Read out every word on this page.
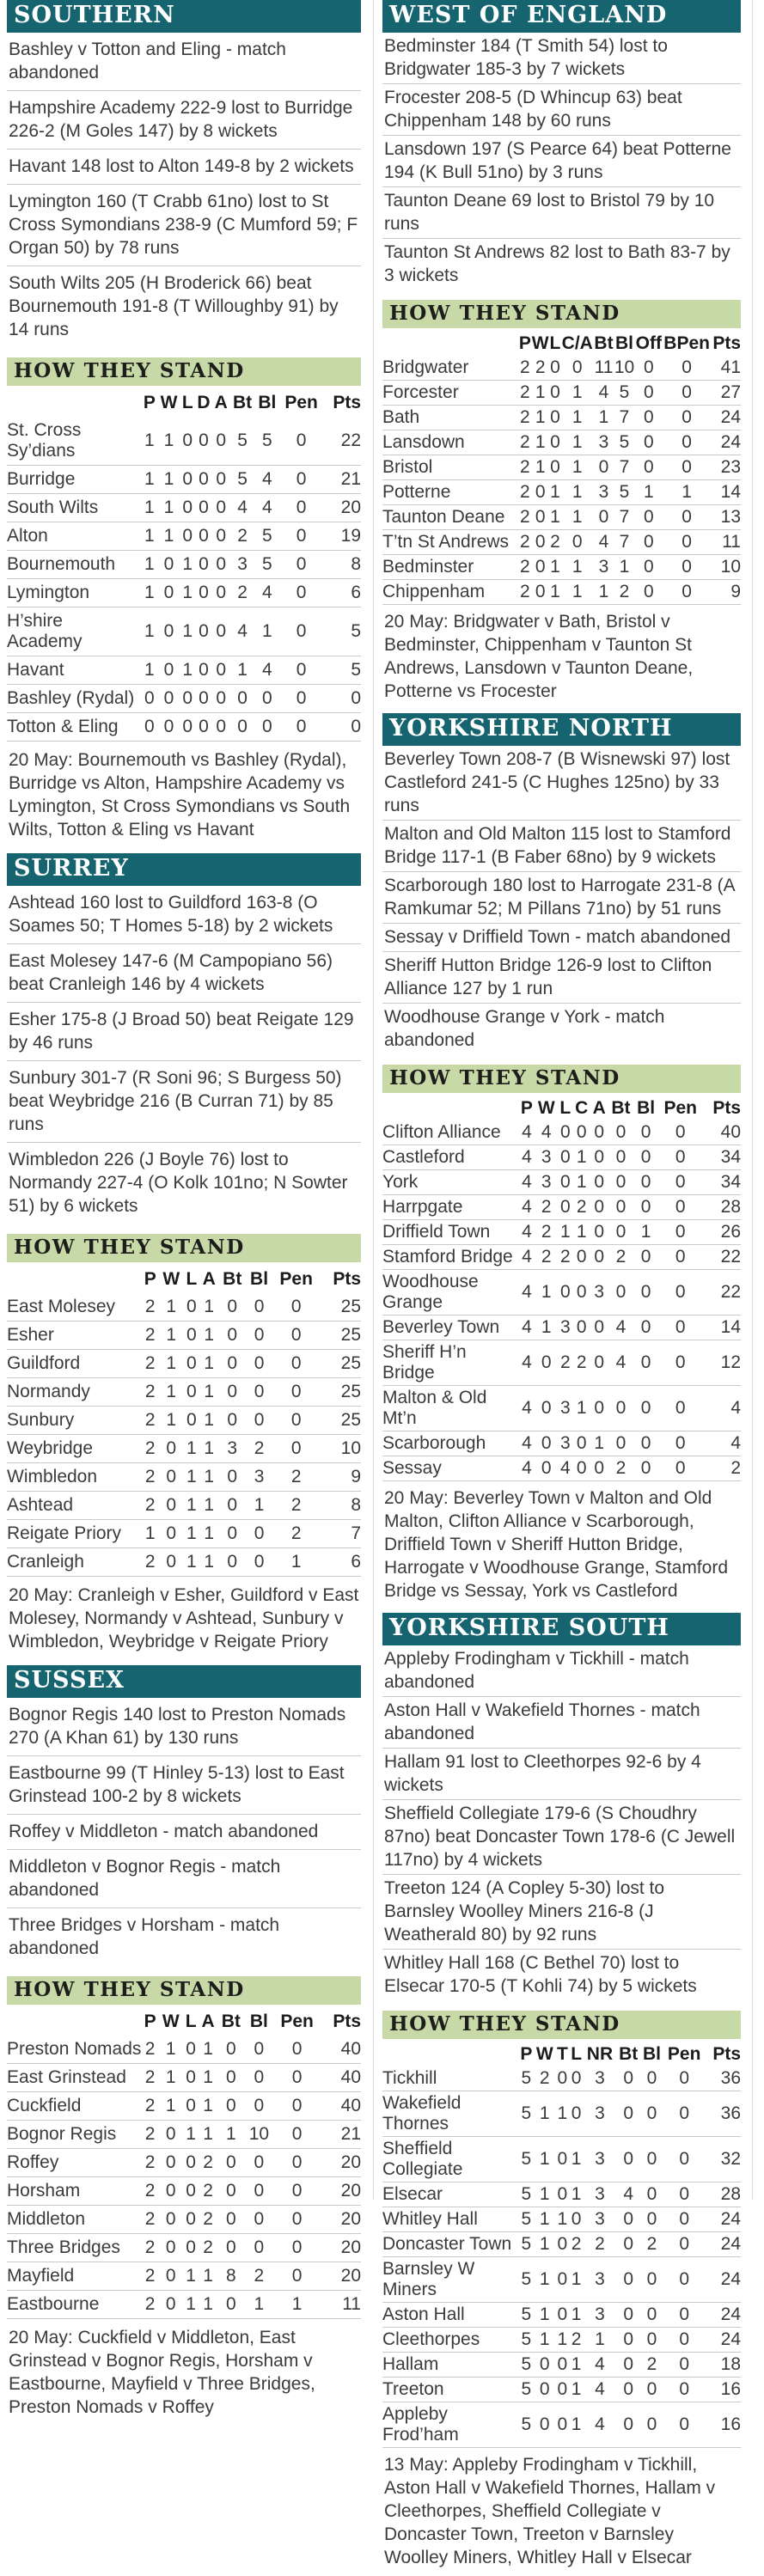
SOUTHERN
Bashley v Totton and Eling - match abandoned
Hampshire Academy 222-9 lost to Burridge 226-2 (M Goles 147) by 8 wickets
Havant 148 lost to Alton 149-8 by 2 wickets
Lymington 160 (T Crabb 61no) lost to St Cross Symondians 238-9 (C Mumford 59; F Organ 50) by 78 runs
South Wilts 205 (H Broderick 66) beat Bournemouth 191-8 (T Willoughby 91) by 14 runs
HOW THEY STAND
	P	W	L	D	A	Bt	Bl	Pen	Pts
St. Cross Sy’dians	1	1	0	0	0	5	5	0	22
Burridge	1	1	0	0	0	5	4	0	21
South Wilts	1	1	0	0	0	4	4	0	20
Alton	1	1	0	0	0	2	5	0	19
Bournemouth	1	0	1	0	0	3	5	0	8
Lymington	1	0	1	0	0	2	4	0	6
H’shire Academy	1	0	1	0	0	4	1	0	5
Havant	1	0	1	0	0	1	4	0	5
Bashley (Rydal)	0	0	0	0	0	0	0	0	0
Totton & Eling	0	0	0	0	0	0	0	0	0
20 May: Bournemouth vs Bashley (Rydal), Burridge vs Alton, Hampshire Academy vs Lymington, St Cross Symondians vs South Wilts, Totton & Eling vs Havant
SURREY
Ashtead 160 lost to Guildford 163-8 (O Soames 50; T Homes 5-18) by 2 wickets
East Molesey 147-6 (M Campopiano 56) beat Cranleigh 146 by 4 wickets
Esher 175-8 (J Broad 50) beat Reigate 129 by 46 runs
Sunbury 301-7 (R Soni 96; S Burgess 50) beat Weybridge 216 (B Curran 71) by 85 runs
Wimbledon 226 (J Boyle 76) lost to Normandy 227-4 (O Kolk 101no; N Sowter 51) by 6 wickets
HOW THEY STAND
	P	W	L	A	Bt	Bl	Pen	Pts
East Molesey	2	1	0	1	0	0	0	25
Esher	2	1	0	1	0	0	0	25
Guildford	2	1	0	1	0	0	0	25
Normandy	2	1	0	1	0	0	0	25
Sunbury	2	1	0	1	0	0	0	25
Weybridge	2	0	1	1	3	2	0	10
Wimbledon	2	0	1	1	0	3	2	9
Ashtead	2	0	1	1	0	1	2	8
Reigate Priory	1	0	1	1	0	0	2	7
Cranleigh	2	0	1	1	0	0	1	6
20 May: Cranleigh v Esher, Guildford v East Molesey, Normandy v Ashtead, Sunbury v Wimbledon, Weybridge v Reigate Priory
SUSSEX
Bognor Regis 140 lost to Preston Nomads 270 (A Khan 61) by 130 runs
Eastbourne 99 (T Hinley 5-13) lost to East Grinstead 100-2 by 8 wickets
Roffey v Middleton - match abandoned
Middleton v Bognor Regis - match abandoned
Three Bridges v Horsham - match abandoned
HOW THEY STAND
	P	W	L	A	Bt	Bl	Pen	Pts
Preston Nomads	2	1	0	1	0	0	0	40
East Grinstead	2	1	0	1	0	0	0	40
Cuckfield	2	1	0	1	0	0	0	40
Bognor Regis	2	0	1	1	1	10	0	21
Roffey	2	0	0	2	0	0	0	20
Horsham	2	0	0	2	0	0	0	20
Middleton	2	0	0	2	0	0	0	20
Three Bridges	2	0	0	2	0	0	0	20
Mayfield	2	0	1	1	8	2	0	20
Eastbourne	2	0	1	1	0	1	1	11
20 May: Cuckfield v Middleton, East Grinstead v Bognor Regis, Horsham v Eastbourne, Mayfield v Three Bridges, Preston Nomads v Roffey
WEST OF ENGLAND
Bedminster 184 (T Smith 54) lost to Bridgwater 185-3 by 7 wickets
Frocester 208-5 (D Whincup 63) beat Chippenham 148 by 60 runs
Lansdown 197 (S Pearce 64) beat Potterne 194 (K Bull 51no) by 3 runs
Taunton Deane 69 lost to Bristol 79 by 10 runs
Taunton St Andrews 82 lost to Bath 83-7 by 3 wickets
HOW THEY STAND
	P	W	L	C/A	Bt	Bl	Off	BPen	Pts
Bridgwater	2	2	0	0	11	10	0	0	41
Forcester	2	1	0	1	4	5	0	0	27
Bath	2	1	0	1	1	7	0	0	24
Lansdown	2	1	0	1	3	5	0	0	24
Bristol	2	1	0	1	0	7	0	0	23
Potterne	2	0	1	1	3	5	1	1	14
Taunton Deane	2	0	1	1	0	7	0	0	13
T’tn St Andrews	2	0	2	0	4	7	0	0	11
Bedminster	2	0	1	1	3	1	0	0	10
Chippenham	2	0	1	1	1	2	0	0	9
20 May: Bridgwater v Bath, Bristol v Bedminster, Chippenham v Taunton St Andrews, Lansdown v Taunton Deane, Potterne vs Frocester
YORKSHIRE NORTH
Beverley Town 208-7 (B Wisnewski 97) lost Castleford 241-5 (C Hughes 125no) by 33 runs
Malton and Old Malton 115 lost to Stamford Bridge 117-1 (B Faber 68no) by 9 wickets
Scarborough 180 lost to Harrogate 231-8 (A Ramkumar 52; M Pillans 71no) by 51 runs
Sessay v Driffield Town - match abandoned
Sheriff Hutton Bridge 126-9 lost to Clifton Alliance 127 by 1 run
Woodhouse Grange v York - match abandoned
HOW THEY STAND
	P	W	L	C	A	Bt	Bl	Pen	Pts
Clifton Alliance	4	4	0	0	0	0	0	0	40
Castleford	4	3	0	1	0	0	0	0	34
York	4	3	0	1	0	0	0	0	34
Harrpgate	4	2	0	2	0	0	0	0	28
Driffield Town	4	2	1	1	0	0	1	0	26
Stamford Bridge	4	2	2	0	0	2	0	0	22
Woodhouse Grange	4	1	0	0	3	0	0	0	22
Beverley Town	4	1	3	0	0	4	0	0	14
Sheriff H’n Bridge	4	0	2	2	0	4	0	0	12
Malton & Old Mt’n	4	0	3	1	0	0	0	0	4
Scarborough	4	0	3	0	1	0	0	0	4
Sessay	4	0	4	0	0	2	0	0	2
20 May: Beverley Town v Malton and Old Malton, Clifton Alliance v Scarborough, Driffield Town v Sheriff Hutton Bridge, Harrogate v Woodhouse Grange, Stamford Bridge vs Sessay, York vs Castleford
YORKSHIRE SOUTH
Appleby Frodingham v Tickhill - match abandoned
Aston Hall v Wakefield Thornes - match abandoned
Hallam 91 lost to Cleethorpes 92-6 by 4 wickets
Sheffield Collegiate 179-6 (S Choudhry 87no) beat Doncaster Town 178-6 (C Jewell 117no) by 4 wickets
Treeton 124 (A Copley 5-30) lost to Barnsley Woolley Miners 216-8 (J Weatherald 80) by 92 runs
Whitley Hall 168 (C Bethel 70) lost to Elsecar 170-5 (T Kohli 74) by 5 wickets
HOW THEY STAND
	P	W	T	L	NR	Bt	Bl	Pen	Pts
Tickhill	5	2	0	0	3	0	0	0	36
Wakefield Thornes	5	1	1	0	3	0	0	0	36
Sheffield Collegiate	5	1	0	1	3	0	0	0	32
Elsecar	5	1	0	1	3	4	0	0	28
Whitley Hall	5	1	1	0	3	0	0	0	24
Doncaster Town	5	1	0	2	2	0	2	0	24
Barnsley W Miners	5	1	0	1	3	0	0	0	24
Aston Hall	5	1	0	1	3	0	0	0	24
Cleethorpes	5	1	1	2	1	0	0	0	24
Hallam	5	0	0	1	4	0	2	0	18
Treeton	5	0	0	1	4	0	0	0	16
Appleby Frod’ham	5	0	0	1	4	0	0	0	16
13 May: Appleby Frodingham v Tickhill, Aston Hall v Wakefield Thornes, Hallam v Cleethorpes, Sheffield Collegiate v Doncaster Town, Treeton v Barnsley Woolley Miners, Whitley Hall v Elsecar
